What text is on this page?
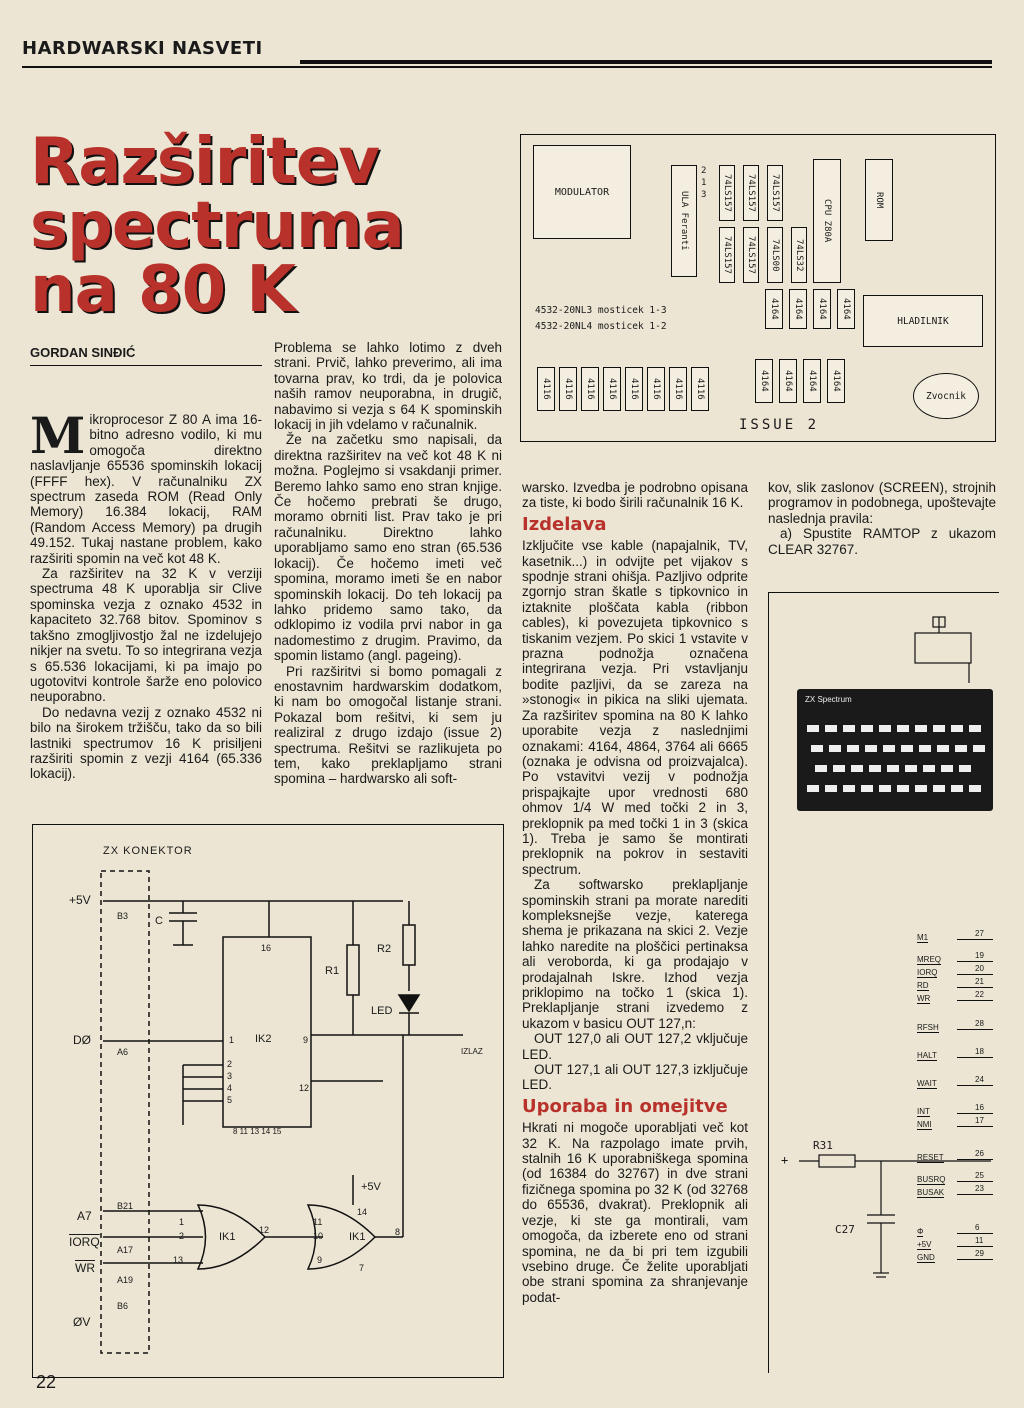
HARDWARSKI NASVETI
Razširitev
spectruma
na 80 K
GORDAN SINĐIĆ

Mikroprocesor Z 80 A ima 16-bitno adresno vodilo, ki mu omogoča direktno naslavljanje 65536 spominskih lokacij (FFFF hex). V računalniku ZX spectrum zaseda ROM (Read Only Memory) 16.384 lokacij, RAM (Random Access Memory) pa drugih 49.152. Tukaj nastane problem, kako razširiti spomin na več kot 48 K.

Za razširitev na 32 K v verziji spectruma 48 K uporablja sir Clive spominska vezja z oznako 4532 in kapaciteto 32.768 bitov. Spominov s takšno zmogljivostjo žal ne izdelujejo nikjer na svetu. To so integrirana vezja s 65.536 lokacijami, ki pa imajo po ugotovitvi kontrole šarže eno polovico neuporabno.

Do nedavna vezij z oznako 4532 ni bilo na širokem tržišču, tako da so bili lastniki spectrumov 16 K prisiljeni razširiti spomin z vezji 4164 (65.336 lokacij).

Problema se lahko lotimo z dveh strani. Prvič, lahko preverimo, ali ima tovarna prav, ko trdi, da je polovica naših ramov neuporabna, in drugič, nabavimo si vezja s 64 K spominskih lokacij in jih vdelamo v računalnik.

Že na začetku smo napisali, da direktna razširitev na več kot 48 K ni možna. Poglejmo si vsakdanji primer. Beremo lahko samo eno stran knjige. Če hočemo prebrati še drugo, moramo obrniti list. Prav tako je pri računalniku. Direktno lahko uporabljamo samo eno stran (65.536 lokacij). Če hočemo imeti več spomina, moramo imeti še en nabor spominskih lokacij. Do teh lokacij pa lahko pridemo samo tako, da odklopimo iz vodila prvi nabor in ga nadomestimo z drugim. Pravimo, da spomin listamo (angl. pageing).

Pri razširitvi si bomo pomagali z enostavnim hardwarskim dodatkom, ki nam bo omogočal listanje strani. Pokazal bom rešitvi, ki sem ju realiziral z drugo izdajo (issue 2) spectruma. Rešitvi se razlikujeta po tem, kako preklapljamo strani spomina – hardwarsko ali soft-

warsko. Izvedba je podrobno opisana za tiste, ki bodo širili računalnik 16 K.

Izdelava

Izključite vse kable (napajalnik, TV, kasetnik...) in odvijte pet vijakov s spodnje strani ohišja. Pazljivo odprite zgornjo stran škatle s tipkovnico in iztaknite ploščata kabla (ribbon cables), ki povezujeta tipkovnico s tiskanim vezjem. Po skici 1 vstavite v prazna podnožja označena integrirana vezja. Pri vstavljanju bodite pazljivi, da se zareza na »stonogi« in pikica na sliki ujemata. Za razširitev spomina na 80 K lahko uporabite vezja z naslednjimi oznakami: 4164, 4864, 3764 ali 6665 (oznaka je odvisna od proizvajalca). Po vstavitvi vezij v podnožja prispajkajte upor vrednosti 680 ohmov 1/4 W med točki 2 in 3, preklopnik pa med točki 1 in 3 (skica 1). Treba je samo še montirati preklopnik na pokrov in sestaviti spectrum.

Za softwarsko preklapljanje spominskih strani pa morate narediti kompleksnejše vezje, katerega shema je prikazana na skici 2. Vezje lahko naredite na ploščici pertinaksa ali veroborda, ki ga prodajajo v prodajalnah Iskre. Izhod vezja priklopimo na točko 1 (skica 1). Preklapljanje strani izvedemo z ukazom v basicu OUT 127,n:

OUT 127,0 ali OUT 127,2 vključuje LED.

OUT 127,1 ali OUT 127,3 izključuje LED.

Uporaba in omejitve

Hkrati ni mogoče uporabljati več kot 32 K. Na razpolago imate prvih, stalnih 16 K uporabniškega spomina (od 16384 do 32767) in dve strani fizičnega spomina po 32 K (od 32768 do 65536, dvakrat). Preklopnik ali vezje, ki ste ga montirali, vam omogoča, da izberete eno od strani spomina, ne da bi pri tem izgubili vsebino druge. Če želite uporabljati obe strani spomina za shranjevanje podat-

kov, slik zaslonov (SCREEN), strojnih programov in podobnega, upoštevajte naslednja pravila:

a) Spustite RAMTOP z ukazom CLEAR 32767.

MODULATOR	ULA Feranti
2
1
3	74LS157
74LS157
74LS157
74LS157
74LS157
74LS00	74LS32
CPU Z80A	ROM
4532-20NL3 mosticek 1-3
4532-20NL4 mosticek 1-2
4164	4164	4164	4164
HLADILNIK
4116	4116	4116	4116	4116	4116	4116	4116	4164	4164	4164	4164
Zvocnik
ISSUE 2
ZX KONEKTOR
+5V
B3 C
16
R1
R2
LED
DØ
A6
1 IK2	9
IZLAZ
2
3
4
5
12
8 11 13 14 15
+5V
B21
A7	1
2	IK1
12
11
10 IK1
14
8
IORQ
A17
13	9
7
$\overline{WR}$
A19
B6
ØV
ZX Spectrum
+
R31
C27
M1	27
MREQ	19
IORQ	20
RD	21
WR	22
RFSH	28
HALT	18
WAIT	24
INT	16
NMI	17
RESET	26
BUSRQ	25
BUSAK	23
Φ	6
+5V	11
GND	29
22
